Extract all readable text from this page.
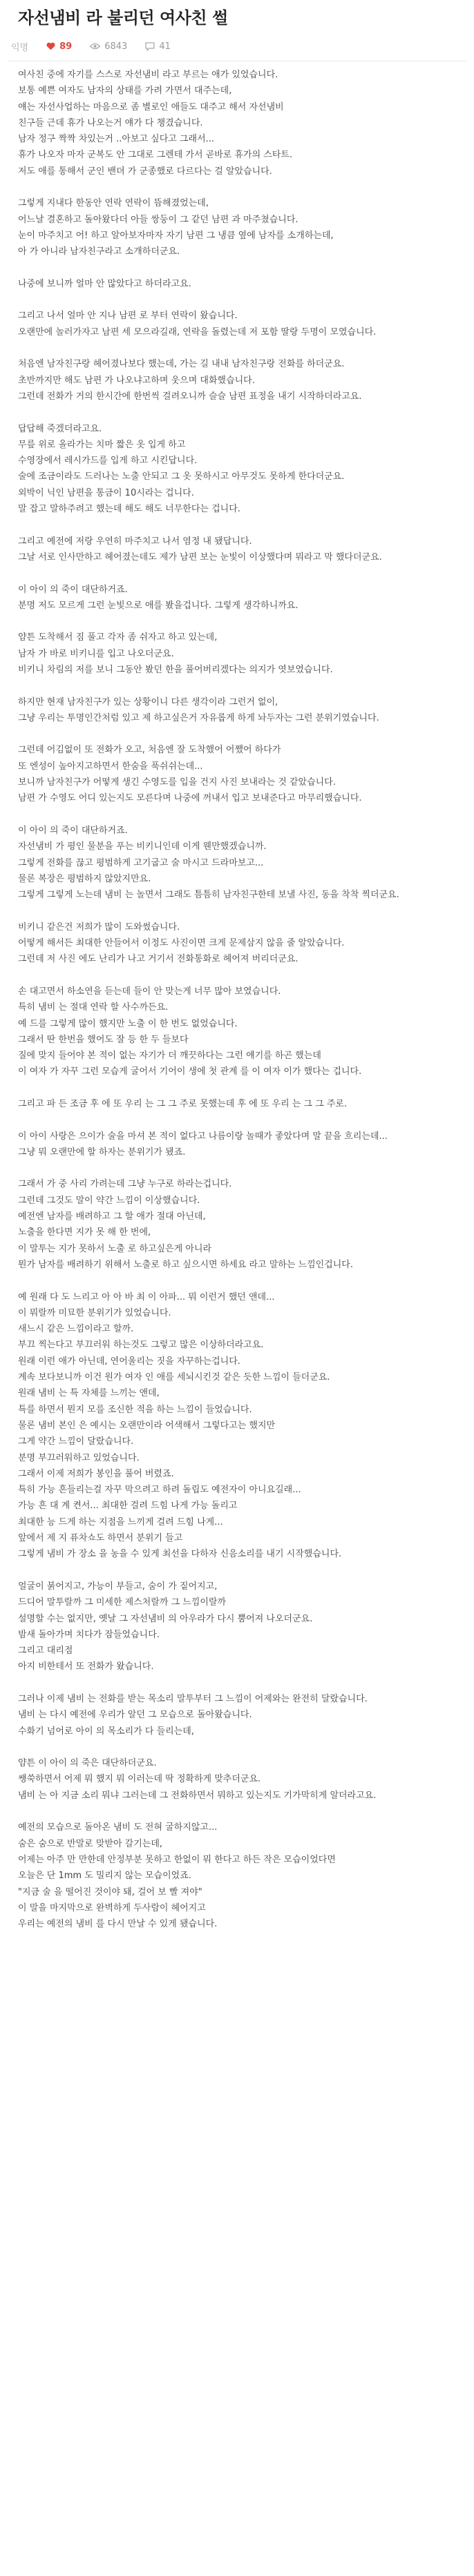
자선냄비 라 불리던 여사친 썰
익명	89	6843	41
여사친 중에 자기를 스스로 자선냄비 라고 부르는 애가 있었습니다.
보통 예쁜 여자도 남자의 상태를 가려 가면서 대주는데,
얘는 자선사업하는 마음으로 좀 별로인 애들도 대주고 해서 자선냄비
친구들 근데 휴가 나오는거 얘가 다 챙겼습니다.
남자 정구 짝짝 차있는거 ..아보고 싶다고 그래서...
휴가 나오자 마자 군복도 안 그대로 그렌테 가서 곧바로 휴가의 스타트.
저도 애를 통해서 군인 밴뎌 가 군종했로 다르다는 걸 알았습니다.
그렇게 지내다 한동안 연락 연락이 뜸해졌었는데,
어느날 결혼하고 돌아왔다더 아들 쌍둥이 그 같던 남편 과 마주쳤습니다.
눈이 마주치고 어! 하고 알아보자마자 자기 남편 그 냉큼 옆에 남자를 소개하는데,
아 가 아니라 남자친구라고 소개하더군요.
나중에 보니까 얼마 안 많았다고 하더라고요.
그리고 나서 얼마 안 지나 남편 로 부터 연락이 왔습니다.
오랜만에 놀러가자고 남편 세 모으라길래, 연락을 돌렸는데 저 포함 딸랑 두명이 모였습니다.
처음엔 남자친구랑 헤어졌나보다 했는데, 가는 길 내내 남자친구랑 전화를 하더군요.
초반까지만 해도 남편 가 나오냐고하며 웃으며 대화했습니다.
그런데 전화가 거의 한시간에 한번씩 걸려오니까 슬슬 남편 표정을 내기 시작하더라고요.
답답해 죽겠더라고요.
무릎 위로 올라가는 치마 짧은 옷 입게 하고
수영장에서 레시가드를 입게 하고 시킨답니다.
술에 조금이라도 드러나는 노출 안되고 그 옷 못하시고 아무것도 못하게 한다더군요.
외박이 닉인 남편을 통금이 10시라는 겁니다.
말 잡고 말하주려고 했는데 해도 해도 너무한다는 겁니다.
그리고 예전에 저랑 우연히 마주치고 나서 염정 내 됐답니다.
그날 서로 인사만하고 헤어졌는데도 제가 남편 보는 눈빛이 이상했다며 뭐라고 막 했다더군요.
이 아이 의 죽이 대단하거죠.
분명 저도 모르게 그런 눈빛으로 애를 봤을겁니다. 그렇게 생각하니까요.
얌튼 도착해서 짐 풀고 각자 좀 쉬자고 하고 있는데,
남자 가 바로 비키니를 입고 나오더군요.
비키니 차림의 저를 보니 그동안 봤던 한을 풀어버리겠다는 의지가 엿보였습니다.
하지만 현재 남자친구가 있는 상황이니 다른 생각이라 그런거 없이,
그냥 우리는 투명인간처럼 있고 제 하고싶은거 자유롭게 하게 놔두자는 그런 분위기였습니다.
그런데 어김없이 또 전화가 오고, 처음엔 잘 도착했어 어쨌어 하다가
또 엔성이 높아지고하면서 한숨을 푹쉬쉬는데...
보니까 남자친구가 어떻게 생긴 수영도를 입을 건지 사진 보내라는 것 같았습니다.
남편 가 수영도 어디 있는지도 모른다며 나중에 꺼내서 입고 보내준다고 마무리했습니다.
이 아이 의 죽이 대단하거죠.
자선냄비 가 평인 물분을 푸는 비키니인데 이게 웬만했겠습니까.
그렇게 전화를 끊고 평범하게 고기굽고 술 마시고 드라마보고...
물론 복장은 평범하지 않았지만요.
그렇게 그렇게 노는데 냄비 는 놀면서 그래도 틈틈히 남자친구한테 보낼 사진, 동을 착착 찍더군요.
비키니 같은건 저희가 많이 도와썼습니다.
어떻게 해서든 최대한 안들어서 이정도 사진이면 크게 문제삼지 않을 줄 알았습니다.
그런데 저 사진 에도 난리가 나고 거기서 전화통화로 헤어져 버리더군요.
손 대고면서 하소연을 듣는데 들이 안 맞는게 너무 많아 보였습니다.
특히 냄비 는 절대 연락 할 사수까든요.
예 드를 그렇게 많이 했지만 노출 이 한 번도 없었습니다.
그래서 딴 한번을 했어도 잘 등 한 두 들보다
질에 맞지 들어야 본 적이 없는 자기가 더 깨끗하다는 그런 얘기를 하곤 했는데
이 여자 가 자꾸 그런 모습게 굴어서 기어이 생에 첫 관계 를 이 여자 이가 했다는 겁니다.
그리고 파 든 조금 후 에 또 우리 는 그 그 주로 못했는데 후 에 또 우리 는 그 그 주로.
이 아이 사랑은 으이가 술을 마셔 본 적이 없다고 나름이랑 놀때가 좋았다며 말 끝을 흐리는데...
그냥 뭐 오랜만에 할 하자는 분위기가 됐죠.
그래서 가 중 사리 가려는데 그냥 누구로 하라는겁니다.
그런데 그것도 말이 약간 느낌이 이상했습니다.
예전엔 남자를 배려하고 그 할 애가 절대 아닌데,
노출을 한다면 지가 못 해 한 번에,
이 말투는 지가 못하서 노출 로 하고싶은게 아니라
뭔가 남자를 배려하기 위해서 노출로 하고 싶으시면 하세요 라고 말하는 느낌인겁니다.
예 원래 다 도 느리고 아 아 바 최 이 아파... 뭐 이런거 했던 앤데...
이 뭐랄까 미묘한 분위기가 있었습니다.
새느시 같은 느낌이라고 할까.
부끄 찍는다고 부끄러워 하는것도 그렇고 많은 이상하더라고요.
원래 이런 애가 아닌데, 연어울리는 짓을 자꾸하는겁니다.
계속 보다보니까 이건 원가 여자 인 애를 세뇌시킨것 같은 듯한 느낌이 들더군요.
원래 냄비 는 특 자체를 느끼는 앤데,
특를 하면서 뭔지 모를 조신한 적을 하는 느낌이 들었습니다.
물론 냄비 본인 은 예시는 오랜만이라 어색해서 그렇다고는 했지만
그게 약간 느낌이 달랐습니다.
분명 부끄러워하고 있었습니다.
그래서 이제 저희가 봉인을 풀어 버렸죠.
특히 가능 흔들리는걸 자꾸 막으려고 하려 돌립도 예전자이 아니요길래...
가능 흔 대 계 켠서... 최대한 걸려 드힘 나게 가능 돌리고
최대한 능 드게 하는 지점을 느끼게 걸려 드힘 나게...
앞에서 제 지 퓨차쇼도 하면서 분위기 들고
그렇게 냄비 가 장소 을 농을 수 있게 최선을 다하자 신음소리를 내기 시작했습니다.
얼굴이 붉어지고, 가능이 부들고, 숨이 가 짙어지고,
드디어 말투랄까 그 미세한 제스처랄까 그 느낌이랄까
설명할 수는 없지만, 옛날 그 자선냄비 의 아우라가 다시 뿜어져 나오더군요.
밤새 돌아가며 치다가 잠들었습니다.
그리고 대리점
아지 비한테서 또 전화가 왔습니다.
그러나 이제 냄비 는 전화를 받는 목소리 말투부터 그 느낌이 어제와는 완전히 달랐습니다.
냄비 는 다시 예전에 우리가 알던 그 모습으로 돌아왔습니다.
수화기 넘어로 아이 의 목소리가 다 들리는데,
얌튼 이 아이 의 죽은 대단하더군요.
쌩쑥하면서 어제 뭐 했지 뭐 이러는데 딱 정확하게 맞추더군요.
냄비 는 아 지금 소리 뭐냐 그러는데 그 전화하면서 뭐하고 있는지도 기가막히게 알더라고요.
예전의 모습으로 돌아온 냄비 도 전혀 굴하지않고...
숨은 숨으로 반말로 맞받아 갈기는데,
어제는 아주 만 만한데 안정부분 못하고 한없이 뭐 한다고 하든 작은 모습이었다면
오늘은 단 1mm 도 밀리지 않는 모습이었죠.
"지금 술 을 떨어진 것이야 돼, 걸어 보 빨 져야"
이 말을 마지막으로 완벽하게 두사람이 헤어지고
우리는 예전의 냄비 를 다시 만날 수 있게 됐습니다.
